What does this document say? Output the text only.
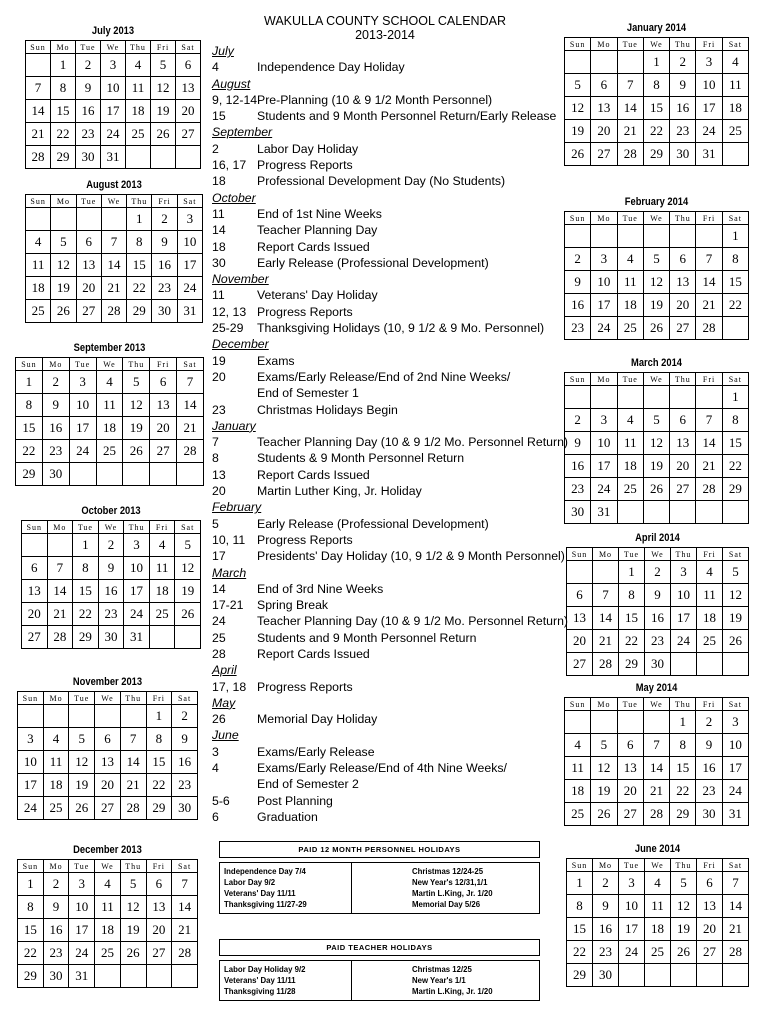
July 2013
Sun	Mo	Tue	We	Thu	Fri	Sat
	1	2	3	4	5	6
7	8	9	10	11	12	13
14	15	16	17	18	19	20
21	22	23	24	25	26	27
28	29	30	31			
August 2013
Sun	Mo	Tue	We	Thu	Fri	Sat
				1	2	3
4	5	6	7	8	9	10
11	12	13	14	15	16	17
18	19	20	21	22	23	24
25	26	27	28	29	30	31
September 2013
Sun	Mo	Tue	We	Thu	Fri	Sat
1	2	3	4	5	6	7
8	9	10	11	12	13	14
15	16	17	18	19	20	21
22	23	24	25	26	27	28
29	30					
October 2013
Sun	Mo	Tue	We	Thu	Fri	Sat
		1	2	3	4	5
6	7	8	9	10	11	12
13	14	15	16	17	18	19
20	21	22	23	24	25	26
27	28	29	30	31		
November 2013
Sun	Mo	Tue	We	Thu	Fri	Sat
					1	2
3	4	5	6	7	8	9
10	11	12	13	14	15	16
17	18	19	20	21	22	23
24	25	26	27	28	29	30
December 2013
Sun	Mo	Tue	We	Thu	Fri	Sat
1	2	3	4	5	6	7
8	9	10	11	12	13	14
15	16	17	18	19	20	21
22	23	24	25	26	27	28
29	30	31				
January 2014
Sun	Mo	Tue	We	Thu	Fri	Sat
			1	2	3	4
5	6	7	8	9	10	11
12	13	14	15	16	17	18
19	20	21	22	23	24	25
26	27	28	29	30	31	
February 2014
Sun	Mo	Tue	We	Thu	Fri	Sat
						1
2	3	4	5	6	7	8
9	10	11	12	13	14	15
16	17	18	19	20	21	22
23	24	25	26	27	28	
March 2014
Sun	Mo	Tue	We	Thu	Fri	Sat
						1
2	3	4	5	6	7	8
9	10	11	12	13	14	15
16	17	18	19	20	21	22
23	24	25	26	27	28	29
30	31					
April 2014
Sun	Mo	Tue	We	Thu	Fri	Sat
		1	2	3	4	5
6	7	8	9	10	11	12
13	14	15	16	17	18	19
20	21	22	23	24	25	26
27	28	29	30			
May 2014
Sun	Mo	Tue	We	Thu	Fri	Sat
				1	2	3
4	5	6	7	8	9	10
11	12	13	14	15	16	17
18	19	20	21	22	23	24
25	26	27	28	29	30	31
June 2014
Sun	Mo	Tue	We	Thu	Fri	Sat
1	2	3	4	5	6	7
8	9	10	11	12	13	14
15	16	17	18	19	20	21
22	23	24	25	26	27	28
29	30					
WAKULLA COUNTY SCHOOL CALENDAR
2013-2014
July
4	Independence Day Holiday
August
9, 12-14 Pre-Planning (10 & 9 1/2 Month Personnel)
15	Students and 9 Month Personnel Return/Early Release
September
2	Labor Day Holiday
16, 17 Progress Reports
18	Professional Development Day (No Students)
October
11	End of 1st Nine Weeks
14	Teacher Planning Day
18	Report Cards Issued
30	Early Release (Professional Development)
November
11	Veterans' Day Holiday
12, 13 Progress Reports
25-29	Thanksgiving Holidays (10, 9 1/2 & 9 Mo. Personnel)
December
19	Exams
20	Exams/Early Release/End of 2nd Nine Weeks/
End of Semester 1
23	Christmas Holidays Begin
January
7	Teacher Planning Day (10 & 9 1/2 Mo. Personnel Return)
8	Students & 9 Month Personnel Return
13	Report Cards Issued
20	Martin Luther King, Jr. Holiday
February
5	Early Release (Professional Development)
10, 11 Progress Reports
17	Presidents' Day Holiday (10, 9 1/2 & 9 Month Personnel)
March
14	End of 3rd Nine Weeks
17-21	Spring Break
24	Teacher Planning Day (10 & 9 1/2 Mo. Personnel Return)
25	Students and 9 Month Personnel Return
28	Report Cards Issued
April
17, 18 Progress Reports
May
26	Memorial Day Holiday
June
3	Exams/Early Release
4	Exams/Early Release/End of 4th Nine Weeks/
End of Semester 2
5-6	Post Planning
6	Graduation
PAID 12 MONTH PERSONNEL HOLIDAYS
Independence Day 7/4
Labor Day 9/2
Veterans' Day 11/11
Thanksgiving 11/27-29
Christmas 12/24-25
New Year's 12/31,1/1
Martin L.King, Jr. 1/20
Memorial Day 5/26
PAID TEACHER HOLIDAYS
Labor Day Holiday 9/2
Veterans' Day 11/11
Thanksgiving 11/28
Christmas 12/25
New Year's 1/1
Martin L.King, Jr. 1/20
